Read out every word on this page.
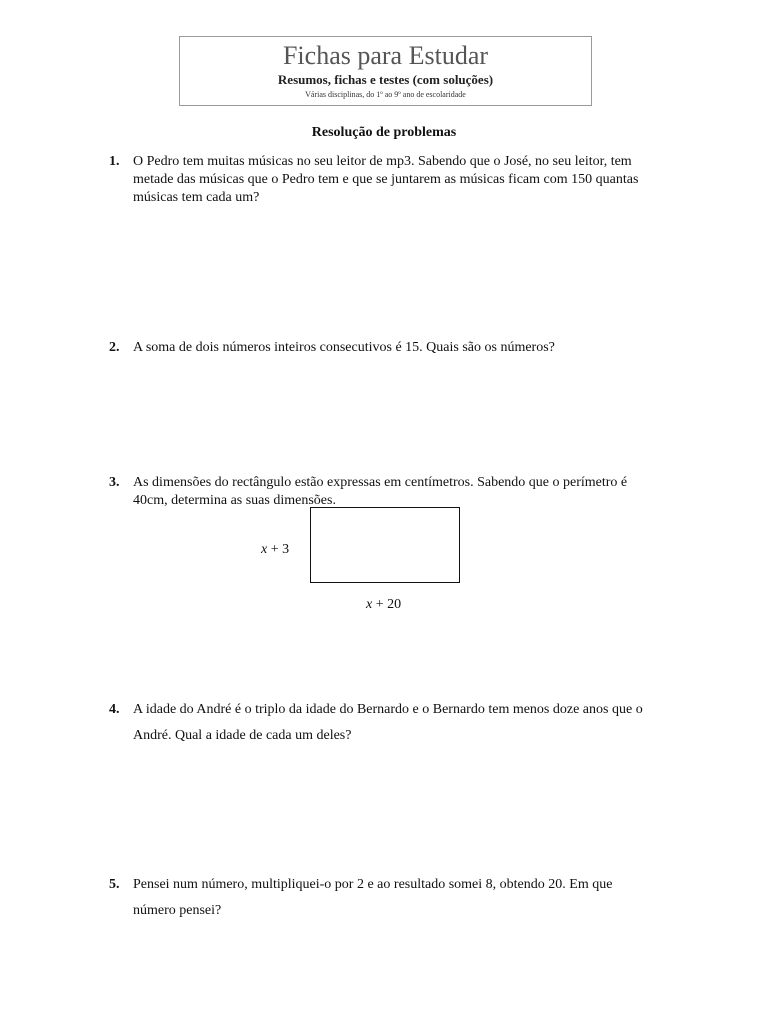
Fichas para Estudar
Resumos, fichas e testes (com soluções)
Várias disciplinas, do 1º ao 9º ano de escolaridade
Resolução de problemas
1. O Pedro tem muitas músicas no seu leitor de mp3. Sabendo que o José, no seu leitor, tem metade das músicas que o Pedro tem e que se juntarem as músicas ficam com 150 quantas músicas tem cada um?
2. A soma de dois números inteiros consecutivos é 15. Quais são os números?
3. As dimensões do rectângulo estão expressas em centímetros. Sabendo que o perímetro é 40cm, determina as suas dimensões.
x + 3
x + 20
4. A idade do André é o triplo da idade do Bernardo e o Bernardo tem menos doze anos que o André. Qual a idade de cada um deles?
5. Pensei num número, multipliquei-o por 2 e ao resultado somei 8, obtendo 20. Em que número pensei?
